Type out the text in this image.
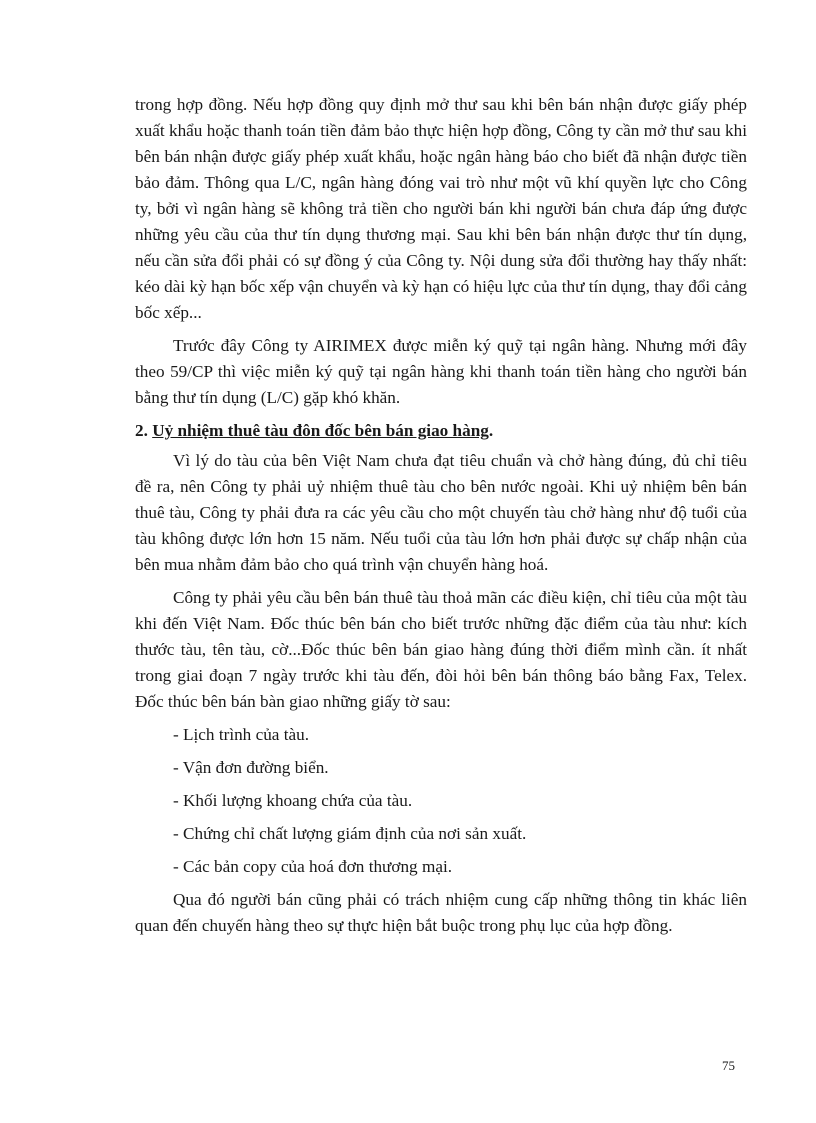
trong hợp đồng. Nếu hợp đồng quy định mở thư sau khi bên bán nhận được giấy phép xuất khẩu hoặc thanh toán tiền đảm bảo thực hiện hợp đồng, Công ty cần mở thư sau khi bên bán nhận được giấy phép xuất khẩu, hoặc ngân hàng báo cho biết đã nhận được tiền bảo đảm. Thông qua L/C, ngân hàng đóng vai trò như một vũ khí quyền lực cho Công ty, bởi vì ngân hàng sẽ không trả tiền cho người bán khi người bán chưa đáp ứng được những yêu cầu của thư tín dụng thương mại. Sau khi bên bán nhận được thư tín dụng, nếu cần sửa đổi phải có sự đồng ý của Công ty. Nội dung sửa đổi thường hay thấy nhất: kéo dài kỳ hạn bốc xếp vận chuyển và kỳ hạn có hiệu lực của thư tín dụng, thay đổi cảng bốc xếp...

Trước đây Công ty AIRIMEX được miễn ký quỹ tại ngân hàng. Nhưng mới đây theo 59/CP thì việc miễn ký quỹ tại ngân hàng khi thanh toán tiền hàng cho người bán bằng thư tín dụng (L/C) gặp khó khăn.

2. Uỷ nhiệm thuê tàu đôn đốc bên bán giao hàng.

Vì lý do tàu của bên Việt Nam chưa đạt tiêu chuẩn và chở hàng đúng, đủ chỉ tiêu đề ra, nên Công ty phải uỷ nhiệm thuê tàu cho bên nước ngoài. Khi uỷ nhiệm bên bán thuê tàu, Công ty phải đưa ra các yêu cầu cho một chuyến tàu chở hàng như độ tuổi của tàu không được lớn hơn 15 năm. Nếu tuổi của tàu lớn hơn phải được sự chấp nhận của bên mua nhằm đảm bảo cho quá trình vận chuyển hàng hoá.

Công ty phải yêu cầu bên bán thuê tàu thoả mãn các điều kiện, chỉ tiêu của một tàu khi đến Việt Nam. Đốc thúc bên bán cho biết trước những đặc điểm của tàu như: kích thước tàu, tên tàu, cờ...Đốc thúc bên bán giao hàng đúng thời điểm mình cần. ít nhất trong giai đoạn 7 ngày trước khi tàu đến, đòi hỏi bên bán thông báo bằng Fax, Telex. Đốc thúc bên bán bàn giao những giấy tờ sau:

- Lịch trình của tàu.
- Vận đơn đường biển.
- Khối lượng khoang chứa của tàu.
- Chứng chỉ chất lượng giám định của nơi sản xuất.
- Các bản copy của hoá đơn thương mại.

Qua đó người bán cũng phải có trách nhiệm cung cấp những thông tin khác liên quan đến chuyến hàng theo sự thực hiện bắt buộc trong phụ lục của hợp đồng.

75
